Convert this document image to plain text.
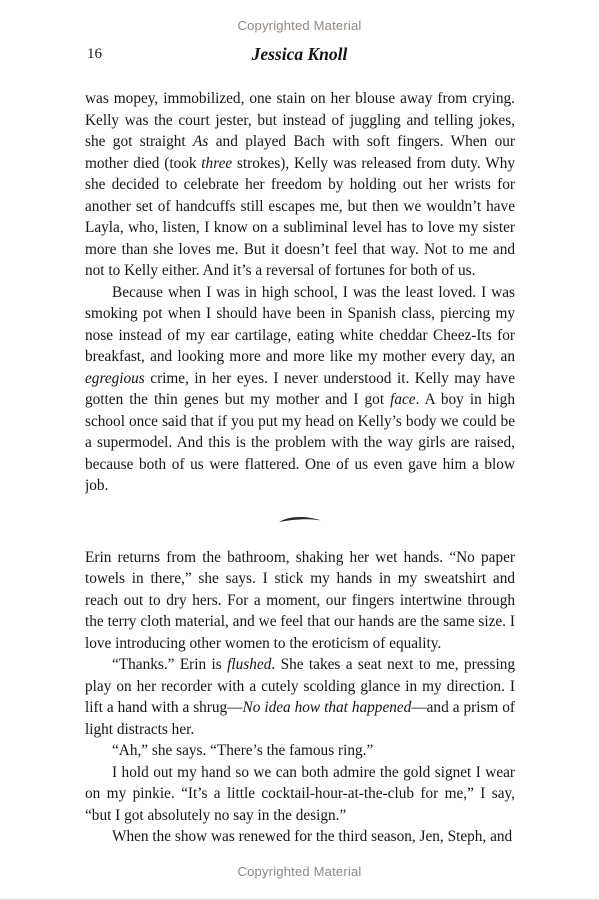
Copyrighted Material
16	Jessica Knoll

was mopey, immobilized, one stain on her blouse away from crying. Kelly was the court jester, but instead of juggling and telling jokes, she got straight As and played Bach with soft fingers. When our mother died (took three strokes), Kelly was released from duty. Why she decided to celebrate her freedom by holding out her wrists for another set of handcuffs still escapes me, but then we wouldn’t have Layla, who, listen, I know on a subliminal level has to love my sister more than she loves me. But it doesn’t feel that way. Not to me and not to Kelly either. And it’s a reversal of fortunes for both of us.

Because when I was in high school, I was the least loved. I was smoking pot when I should have been in Spanish class, piercing my nose instead of my ear cartilage, eating white cheddar Cheez-Its for breakfast, and looking more and more like my mother every day, an egregious crime, in her eyes. I never understood it. Kelly may have gotten the thin genes but my mother and I got face. A boy in high school once said that if you put my head on Kelly’s body we could be a supermodel. And this is the problem with the way girls are raised, because both of us were flattered. One of us even gave him a blow job.

Erin returns from the bathroom, shaking her wet hands. “No paper towels in there,” she says. I stick my hands in my sweatshirt and reach out to dry hers. For a moment, our fingers intertwine through the terry cloth material, and we feel that our hands are the same size. I love introducing other women to the eroticism of equality.

“Thanks.” Erin is flushed. She takes a seat next to me, pressing play on her recorder with a cutely scolding glance in my direction. I lift a hand with a shrug—No idea how that happened—and a prism of light distracts her.

“Ah,” she says. “There’s the famous ring.”

I hold out my hand so we can both admire the gold signet I wear on my pinkie. “It’s a little cocktail-hour-at-the-club for me,” I say, “but I got absolutely no say in the design.”

When the show was renewed for the third season, Jen, Steph, and

Copyrighted Material
